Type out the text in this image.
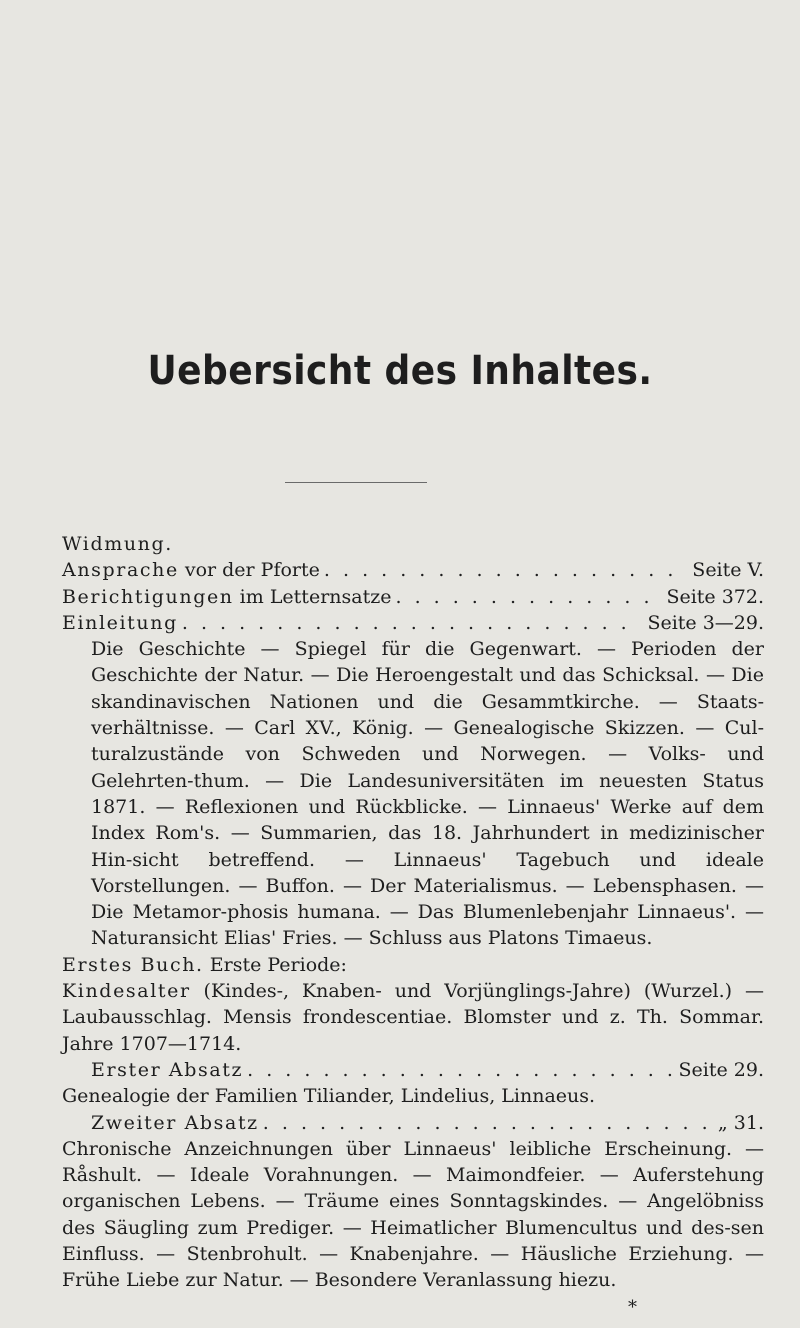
Uebersicht des Inhaltes.

Widmung.

Ansprache vor der Pforte . . .	Seite V.
Berichtigungen im Letternsatze . . .	Seite 372.
Einleitung . . .	Seite 3—29.

Die Geschichte — Spiegel für die Gegenwart. — Perioden der Geschichte der Natur. — Die Heroengestalt und das Schicksal. — Die skandinavischen Nationen und die Gesammtkirche. — Staats-verhältnisse. — Carl XV., König. — Genealogische Skizzen. — Cul-turalzustände von Schweden und Norwegen. — Volks- und Gelehrten-thum. — Die Landesuniversitäten im neuesten Status 1871. — Reflexionen und Rückblicke. — Linnaeus' Werke auf dem Index Rom's. — Summarien, das 18. Jahrhundert in medizinischer Hin-sicht betreffend. — Linnaeus' Tagebuch und ideale Vorstellungen. — Buffon. — Der Materialismus. — Lebensphasen. — Die Metamor-phosis humana. — Das Blumenlebenjahr Linnaeus'. — Naturansicht Elias' Fries. — Schluss aus Platons Timaeus.

Erstes Buch. Erste Periode:

Kindesalter (Kindes-, Knaben- und Vorjünglings-Jahre) (Wurzel.) — Laubausschlag. Mensis frondescentiae. Blomster und z. Th. Sommar. Jahre 1707—1714.

Erster Absatz . . .	Seite 29.

Genealogie der Familien Tiliander, Lindelius, Linnaeus.

Zweiter Absatz . . .	„ 31.

Chronische Anzeichnungen über Linnaeus' leibliche Erscheinung. — Råshult. — Ideale Vorahnungen. — Maimondfeier. — Auferstehung organischen Lebens. — Träume eines Sonntagskindes. — Angelöbniss des Säugling zum Prediger. — Heimatlicher Blumencultus und des-sen Einfluss. — Stenbrohult. — Knabenjahre. — Häusliche Erziehung. — Frühe Liebe zur Natur. — Besondere Veranlassung hiezu.

*
